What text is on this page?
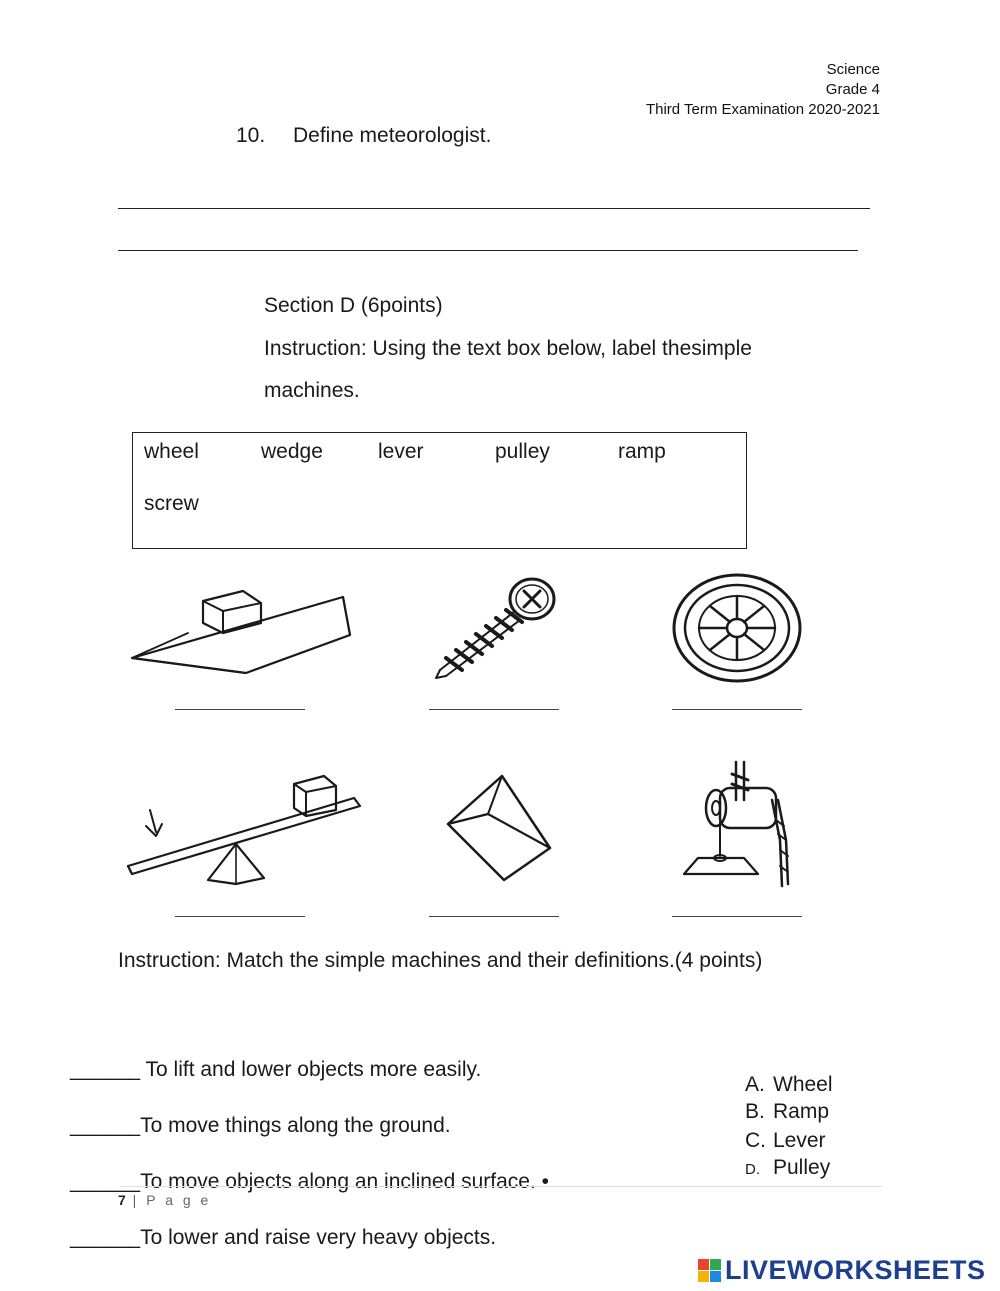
Science
Grade 4
Third Term Examination 2020-2021
10. Define meteorologist.
Section D (6points)
Instruction: Using the text box below, label thesimple
machines.
wheel	wedge	lever	pulley	ramp
screw
Instruction: Match the simple machines and their definitions.(4 points)
______ To lift and lower objects more easily.
______To move things along the ground.
______To move objects along an inclined surface. •
______To lower and raise very heavy objects.
A. Wheel
B. Ramp
C. Lever
D. Pulley
7 | P a g e
LIVEWORKSHEETS
